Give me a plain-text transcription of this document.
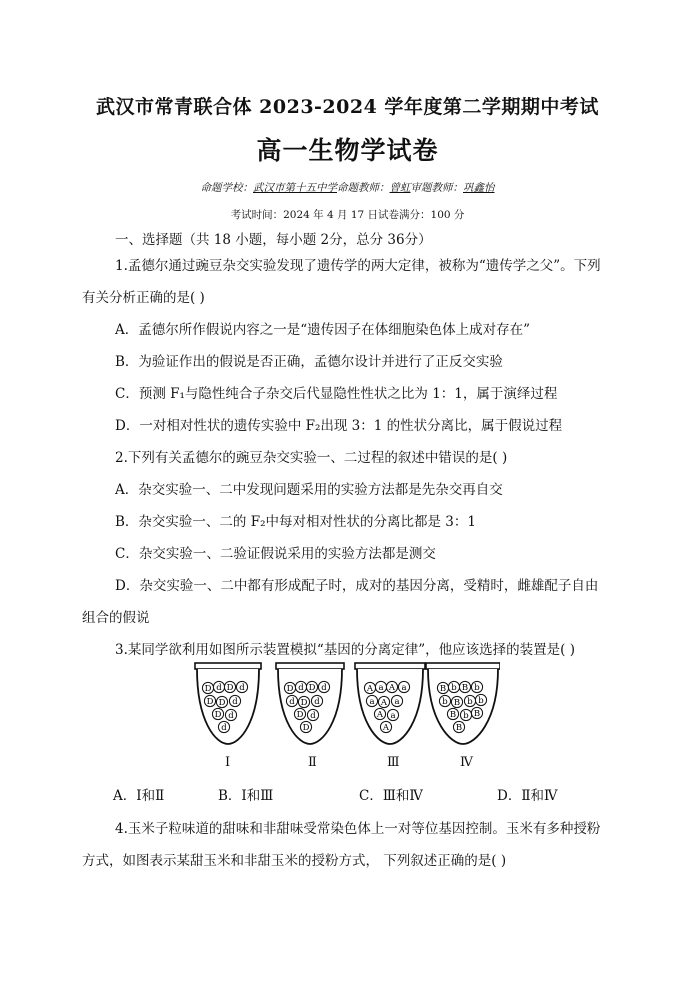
武汉市常青联合体 2023-2024 学年度第二学期期中考试
高一生物学试卷
命题学校：武汉市第十五中学命题教师：曾虹审题教师：巩鑫怡
考试时间：2024 年 4 月 17 日试卷满分：100 分
一、选择题（共 18 小题，每小题 2分，总分 36分）
1.孟德尔通过豌豆杂交实验发现了遗传学的两大定律，被称为“遗传学之父”。下列
有关分析正确的是( )
A．孟德尔所作假说内容之一是“遗传因子在体细胞染色体上成对存在”
B．为验证作出的假说是否正确，孟德尔设计并进行了正反交实验
C．预测 F₁与隐性纯合子杂交后代显隐性性状之比为 1：1，属于演绎过程
D．一对相对性状的遗传实验中 F₂出现 3：1 的性状分离比，属于假说过程
2.下列有关孟德尔的豌豆杂交实验一、二过程的叙述中错误的是( )
A．杂交实验一、二中发现问题采用的实验方法都是先杂交再自交
B．杂交实验一、二的 F₂中每对相对性状的分离比都是 3：1
C．杂交实验一、二验证假说采用的实验方法都是测交
D．杂交实验一、二中都有形成配子时，成对的基因分离，受精时，雌雄配子自由
组合的假说
3.某同学欲利用如图所示装置模拟“基因的分离定律”，他应该选择的装置是( )
D d D d
D D d
D d
d
D d D d
d D d
D d
D
A a A a
a A a
A a
A
B b B b
b B b
B b
B
b
B
Ⅰ	Ⅱ	Ⅲ	Ⅳ
A．Ⅰ和Ⅱ	B．Ⅰ和Ⅲ	C．Ⅲ和Ⅳ	D．Ⅱ和Ⅳ
4.玉米子粒味道的甜味和非甜味受常染色体上一对等位基因控制。玉米有多种授粉
方式，如图表示某甜玉米和非甜玉米的授粉方式， 下列叙述正确的是( )
